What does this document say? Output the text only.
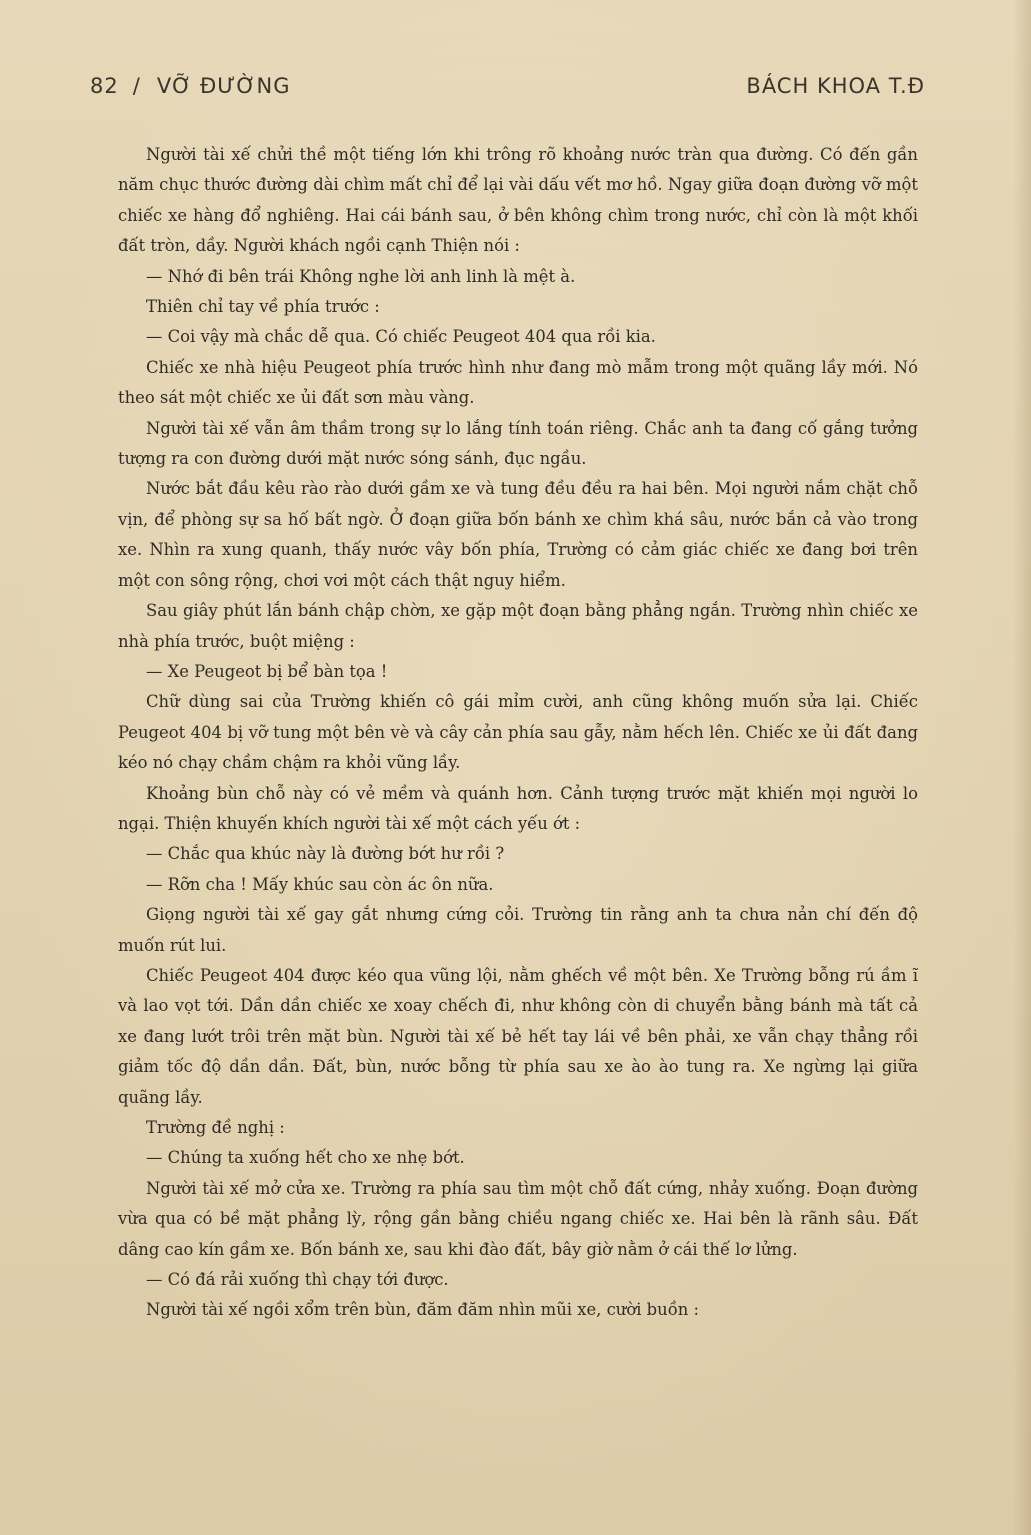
82 / VỠ ĐƯỜNG	BÁCH KHOA T.Đ

Người tài xế chửi thề một tiếng lớn khi trông rõ khoảng nước tràn qua đường. Có đến gần năm chục thước đường dài chìm mất chỉ để lại vài dấu vết mơ hồ. Ngay giữa đoạn đường vỡ một chiếc xe hàng đổ nghiêng. Hai cái bánh sau, ở bên không chìm trong nước, chỉ còn là một khối đất tròn, dầy. Người khách ngồi cạnh Thiện nói :

— Nhớ đi bên trái Không nghe lời anh linh là mệt à.

Thiên chỉ tay về phía trước :

— Coi vậy mà chắc dễ qua. Có chiếc Peugeot 404 qua rồi kia.

Chiếc xe nhà hiệu Peugeot phía trước hình như đang mò mẫm trong một quãng lầy mới. Nó theo sát một chiếc xe ủi đất sơn màu vàng.

Người tài xế vẫn âm thầm trong sự lo lắng tính toán riêng. Chắc anh ta đang cố gắng tưởng tượng ra con đường dưới mặt nước sóng sánh, đục ngầu.

Nước bắt đầu kêu rào rào dưới gầm xe và tung đều đều ra hai bên. Mọi người nắm chặt chỗ vịn, để phòng sự sa hố bất ngờ. Ở đoạn giữa bốn bánh xe chìm khá sâu, nước bắn cả vào trong xe. Nhìn ra xung quanh, thấy nước vây bốn phía, Trường có cảm giác chiếc xe đang bơi trên một con sông rộng, chơi vơi một cách thật nguy hiểm.

Sau giây phút lắn bánh chập chờn, xe gặp một đoạn bằng phẳng ngắn. Trường nhìn chiếc xe nhà phía trước, buột miệng :

— Xe Peugeot bị bể bàn tọa !

Chữ dùng sai của Trường khiến cô gái mỉm cười, anh cũng không muốn sửa lại. Chiếc Peugeot 404 bị vỡ tung một bên vè và cây cản phía sau gẫy, nằm hếch lên. Chiếc xe ủi đất đang kéo nó chạy chầm chậm ra khỏi vũng lầy.

Khoảng bùn chỗ này có vẻ mềm và quánh hơn. Cảnh tượng trước mặt khiến mọi người lo ngại. Thiện khuyến khích người tài xế một cách yếu ớt :

— Chắc qua khúc này là đường bớt hư rồi ?

— Rỡn cha ! Mấy khúc sau còn ác ôn nữa.

Giọng người tài xế gay gắt nhưng cứng cỏi. Trường tin rằng anh ta chưa nản chí đến độ muốn rút lui.

Chiếc Peugeot 404 được kéo qua vũng lội, nằm ghếch về một bên. Xe Trường bỗng rú ầm ĩ và lao vọt tới. Dần dần chiếc xe xoay chếch đi, như không còn di chuyển bằng bánh mà tất cả xe đang lướt trôi trên mặt bùn. Người tài xế bẻ hết tay lái về bên phải, xe vẫn chạy thẳng rồi giảm tốc độ dần dần. Đất, bùn, nước bỗng từ phía sau xe ào ào tung ra. Xe ngừng lại giữa quãng lầy.

Trường đề nghị :

— Chúng ta xuống hết cho xe nhẹ bớt.

Người tài xế mở cửa xe. Trường ra phía sau tìm một chỗ đất cứng, nhảy xuống. Đoạn đường vừa qua có bề mặt phẳng lỳ, rộng gần bằng chiều ngang chiếc xe. Hai bên là rãnh sâu. Đất dâng cao kín gầm xe. Bốn bánh xe, sau khi đào đất, bây giờ nằm ở cái thế lơ lửng.

— Có đá rải xuống thì chạy tới được.

Người tài xế ngồi xổm trên bùn, đăm đăm nhìn mũi xe, cười buồn :
